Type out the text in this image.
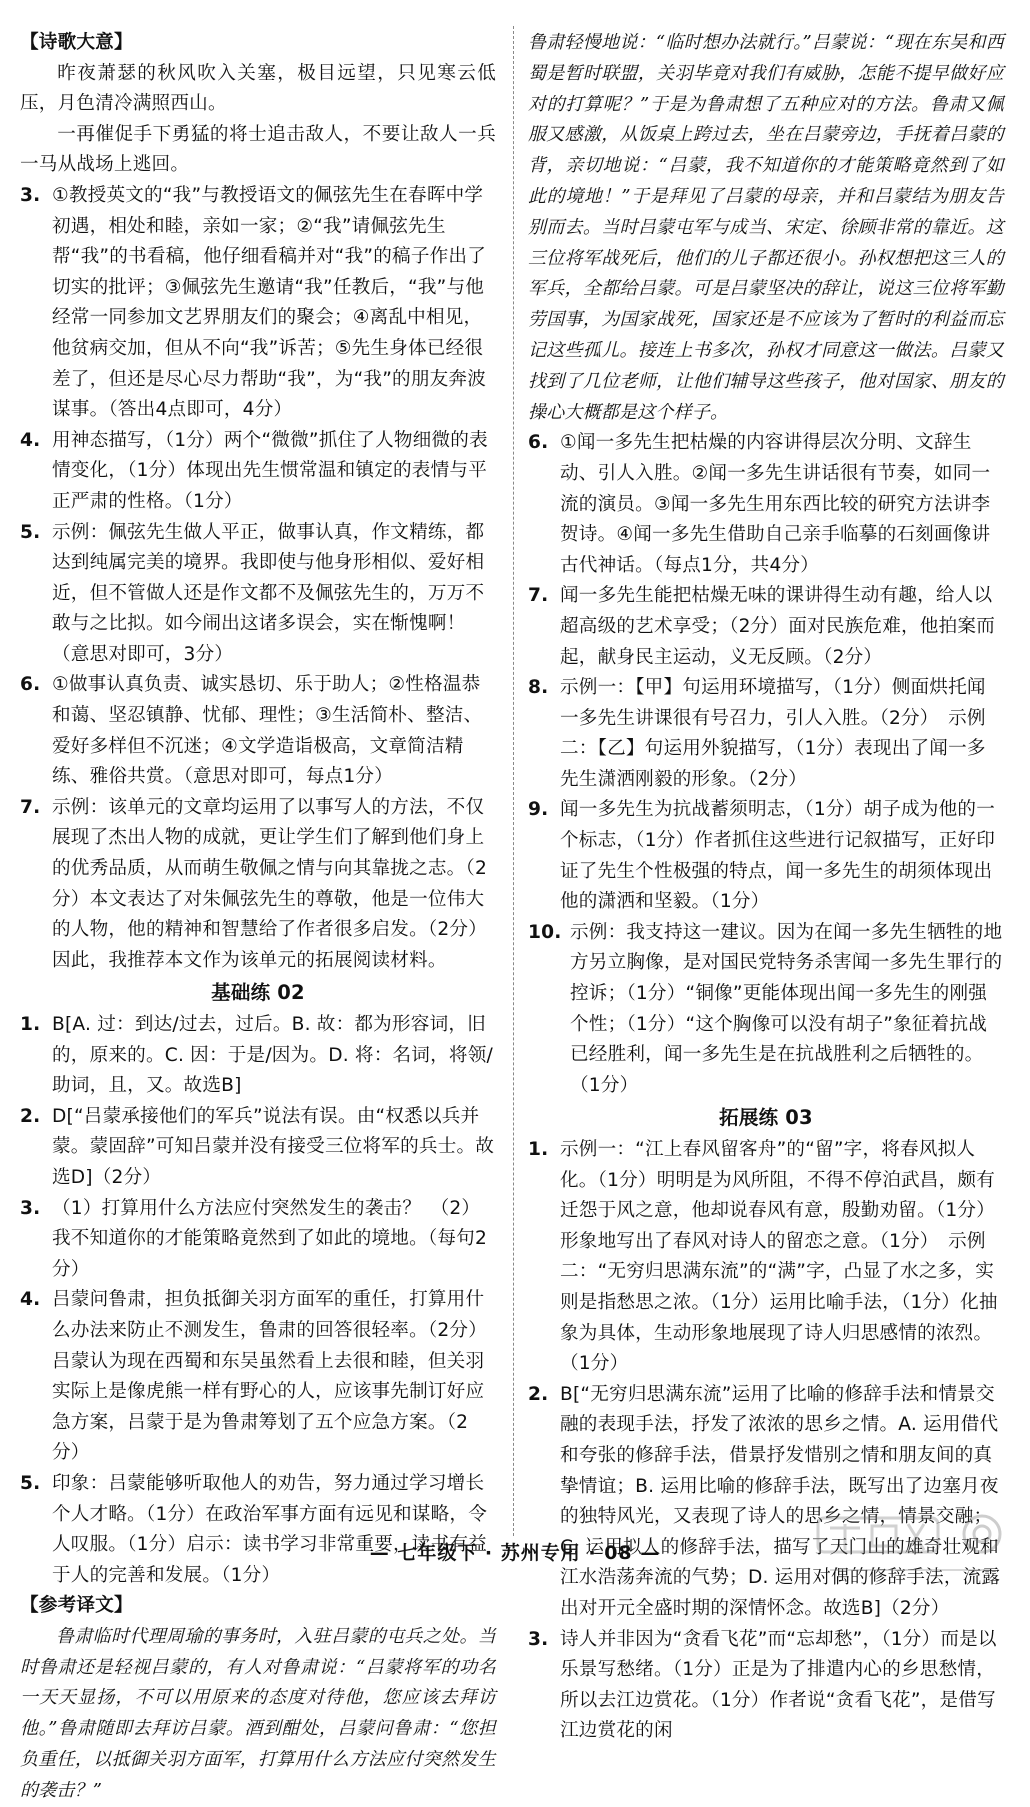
【诗歌大意】

昨夜萧瑟的秋风吹入关塞，极目远望，只见寒云低压，月色清冷满照西山。

一再催促手下勇猛的将士追击敌人，不要让敌人一兵一马从战场上逃回。

3. ①教授英文的“我”与教授语文的佩弦先生在春晖中学初遇，相处和睦，亲如一家；②“我”请佩弦先生帮“我”的书看稿，他仔细看稿并对“我”的稿子作出了切实的批评；③佩弦先生邀请“我”任教后，“我”与他经常一同参加文艺界朋友们的聚会；④离乱中相见，他贫病交加，但从不向“我”诉苦；⑤先生身体已经很差了，但还是尽心尽力帮助“我”，为“我”的朋友奔波谋事。（答出4点即可，4分）
4. 用神态描写，（1分）两个“微微”抓住了人物细微的表情变化，（1分）体现出先生惯常温和镇定的表情与平正严肃的性格。（1分）
5. 示例：佩弦先生做人平正，做事认真，作文精练，都达到纯属完美的境界。我即使与他身形相似、爱好相近，但不管做人还是作文都不及佩弦先生的，万万不敢与之比拟。如今闹出这诸多误会，实在惭愧啊！（意思对即可，3分）
6. ①做事认真负责、诚实恳切、乐于助人；②性格温恭和蔼、坚忍镇静、忧郁、理性；③生活简朴、整洁、爱好多样但不沉迷；④文学造诣极高，文章简洁精练、雅俗共赏。（意思对即可，每点1分）
7. 示例：该单元的文章均运用了以事写人的方法，不仅展现了杰出人物的成就，更让学生们了解到他们身上的优秀品质，从而萌生敬佩之情与向其靠拢之志。（2分）本文表达了对朱佩弦先生的尊敬，他是一位伟大的人物，他的精神和智慧给了作者很多启发。（2分）因此，我推荐本文作为该单元的拓展阅读材料。
基础练 02
1. B[A. 过：到达/过去，过后。B. 故：都为形容词，旧的，原来的。C. 因：于是/因为。D. 将：名词，将领/助词，且，又。故选B]
2. D[“吕蒙承接他们的军兵”说法有误。由“权悉以兵并蒙。蒙固辞”可知吕蒙并没有接受三位将军的兵士。故选D]（2分）
3. （1）打算用什么方法应付突然发生的袭击？　（2）我不知道你的才能策略竟然到了如此的境地。（每句2分）
4. 吕蒙问鲁肃，担负抵御关羽方面军的重任，打算用什么办法来防止不测发生，鲁肃的回答很轻率。（2分）吕蒙认为现在西蜀和东吴虽然看上去很和睦，但关羽实际上是像虎熊一样有野心的人，应该事先制订好应急方案，吕蒙于是为鲁肃筹划了五个应急方案。（2分）
5. 印象：吕蒙能够听取他人的劝告，努力通过学习增长个人才略。（1分）在政治军事方面有远见和谋略，令人叹服。（1分）启示：读书学习非常重要，读书有益于人的完善和发展。（1分）

【参考译文】

鲁肃临时代理周瑜的事务时，入驻吕蒙的屯兵之处。当时鲁肃还是轻视吕蒙的，有人对鲁肃说：“吕蒙将军的功名一天天显扬，不可以用原来的态度对待他，您应该去拜访他。”鲁肃随即去拜访吕蒙。酒到酣处，吕蒙问鲁肃：“您担负重任，以抵御关羽方面军，打算用什么方法应付突然发生的袭击？”

鲁肃轻慢地说：“临时想办法就行。”吕蒙说：“现在东吴和西蜀是暂时联盟，关羽毕竟对我们有威胁，怎能不提早做好应对的打算呢？”于是为鲁肃想了五种应对的方法。鲁肃又佩服又感激，从饭桌上跨过去，坐在吕蒙旁边，手抚着吕蒙的背，亲切地说：“吕蒙，我不知道你的才能策略竟然到了如此的境地！”于是拜见了吕蒙的母亲，并和吕蒙结为朋友告别而去。当时吕蒙屯军与成当、宋定、徐顾非常的靠近。这三位将军战死后，他们的儿子都还很小。孙权想把这三人的军兵，全都给吕蒙。可是吕蒙坚决的辞让，说这三位将军勤劳国事，为国家战死，国家还是不应该为了暂时的利益而忘记这些孤儿。接连上书多次，孙权才同意这一做法。吕蒙又找到了几位老师，让他们辅导这些孩子，他对国家、朋友的操心大概都是这个样子。

6. ①闻一多先生把枯燥的内容讲得层次分明、文辞生动、引人入胜。②闻一多先生讲话很有节奏，如同一流的演员。③闻一多先生用东西比较的研究方法讲李贺诗。④闻一多先生借助自己亲手临摹的石刻画像讲古代神话。（每点1分，共4分）
7. 闻一多先生能把枯燥无味的课讲得生动有趣，给人以超高级的艺术享受；（2分）面对民族危难，他拍案而起，献身民主运动，义无反顾。（2分）
8. 示例一：【甲】句运用环境描写，（1分）侧面烘托闻一多先生讲课很有号召力，引人入胜。（2分）　示例二：【乙】句运用外貌描写，（1分）表现出了闻一多先生潇洒刚毅的形象。（2分）
9. 闻一多先生为抗战蓄须明志，（1分）胡子成为他的一个标志，（1分）作者抓住这些进行记叙描写，正好印证了先生个性极强的特点，闻一多先生的胡须体现出他的潇洒和坚毅。（1分）
10. 示例：我支持这一建议。因为在闻一多先生牺牲的地方另立胸像，是对国民党特务杀害闻一多先生罪行的控诉；（1分）“铜像”更能体现出闻一多先生的刚强个性；（1分）“这个胸像可以没有胡子”象征着抗战已经胜利，闻一多先生是在抗战胜利之后牺牲的。（1分）
拓展练 03
1. 示例一：“江上春风留客舟”的“留”字，将春风拟人化。（1分）明明是为风所阻，不得不停泊武昌，颇有迁怨于风之意，他却说春风有意，殷勤劝留。（1分）形象地写出了春风对诗人的留恋之意。（1分）　示例二：“无穷归思满东流”的“满”字，凸显了水之多，实则是指愁思之浓。（1分）运用比喻手法，（1分）化抽象为具体，生动形象地展现了诗人归思感情的浓烈。（1分）
2. B[“无穷归思满东流”运用了比喻的修辞手法和情景交融的表现手法，抒发了浓浓的思乡之情。A. 运用借代和夸张的修辞手法，借景抒发惜别之情和朋友间的真挚情谊；B. 运用比喻的修辞手法，既写出了边塞月夜的独特风光，又表现了诗人的思乡之情，情景交融；C. 运用拟人的修辞手法，描写了天门山的雄奇壮观和江水浩荡奔流的气势；D. 运用对偶的修辞手法，流露出对开元全盛时期的深情怀念。故选B]（2分）
3. 诗人并非因为“贪看飞花”而“忘却愁”，（1分）而是以乐景写愁绪。（1分）正是为了排遣内心的乡思愁情，所以去江边赏花。（1分）作者说“贪看飞花”，是借写江边赏花的闲
— 七年级下 · 苏州专用 · 08 —
